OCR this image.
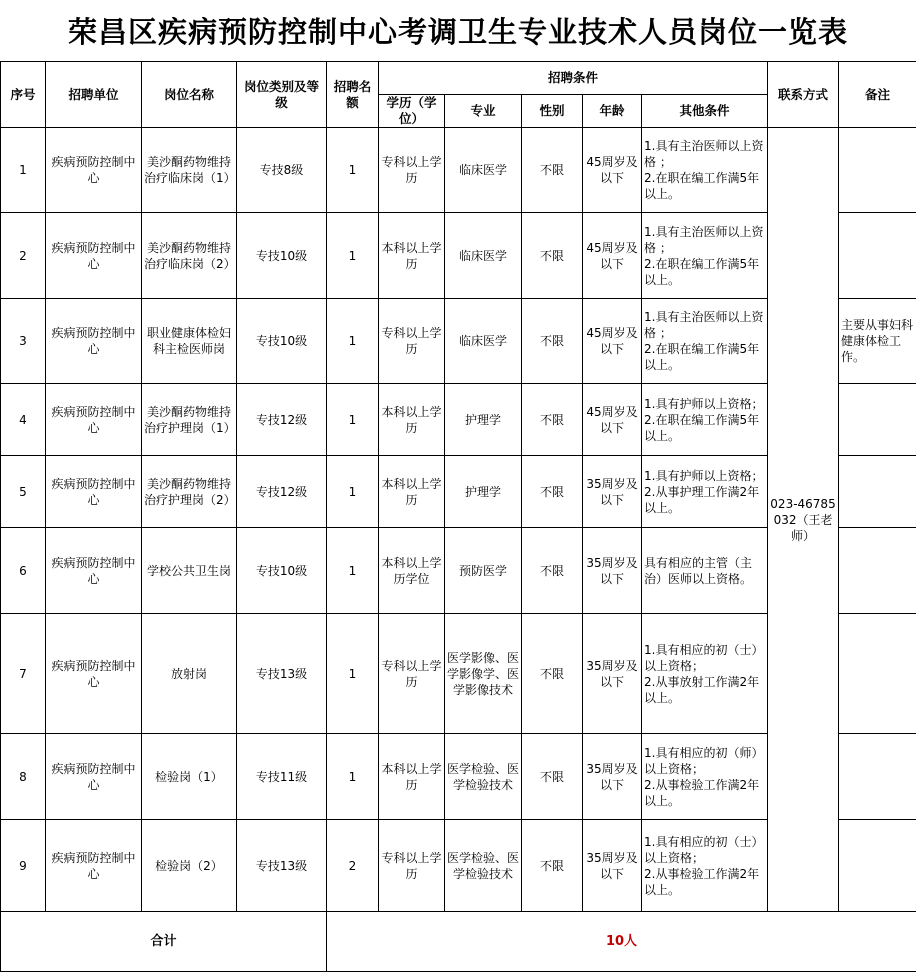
荣昌区疾病预防控制中心考调卫生专业技术人员岗位一览表
序号	招聘单位	岗位名称	岗位类别及等级	招聘名额	招聘条件					联系方式	备注
					学历（学位）	专业	性别	年龄	其他条件		
1	疾病预防控制中心	美沙酮药物维持治疗临床岗（1）	专技8级	1	专科以上学历	临床医学	不限	45周岁及以下	1.具有主治医师以上资格 ；
2.在职在编工作满5年以上。	023-46785032（王老师）	
2	疾病预防控制中心	美沙酮药物维持治疗临床岗（2）	专技10级	1	本科以上学历	临床医学	不限	45周岁及以下	1.具有主治医师以上资格 ；
2.在职在编工作满5年以上。		
3	疾病预防控制中心	职业健康体检妇科主检医师岗	专技10级	1	专科以上学历	临床医学	不限	45周岁及以下	1.具有主治医师以上资格 ；
2.在职在编工作满5年以上。		主要从事妇科健康体检工作。
4	疾病预防控制中心	美沙酮药物维持治疗护理岗（1）	专技12级	1	本科以上学历	护理学	不限	45周岁及以下	1.具有护师以上资格；
2.在职在编工作满5年以上。		
5	疾病预防控制中心	美沙酮药物维持治疗护理岗（2）	专技12级	1	本科以上学历	护理学	不限	35周岁及以下	1.具有护师以上资格；
2.从事护理工作满2年以上。		
6	疾病预防控制中心	学校公共卫生岗	专技10级	1	本科以上学历学位	预防医学	不限	35周岁及以下	具有相应的主管（主治）医师以上资格。		
7	疾病预防控制中心	放射岗	专技13级	1	专科以上学历	医学影像、医学影像学、医学影像技术	不限	35周岁及以下	1.具有相应的初（士）以上资格；
2.从事放射工作满2年以上。		
8	疾病预防控制中心	检验岗（1）	专技11级	1	本科以上学历	医学检验、医学检验技术	不限	35周岁及以下	1.具有相应的初（师）以上资格；
2.从事检验工作满2年以上。		
9	疾病预防控制中心	检验岗（2）	专技13级	2	专科以上学历	医学检验、医学检验技术	不限	35周岁及以下	1.具有相应的初（士）以上资格；
2.从事检验工作满2年以上。		
合计				10人							
